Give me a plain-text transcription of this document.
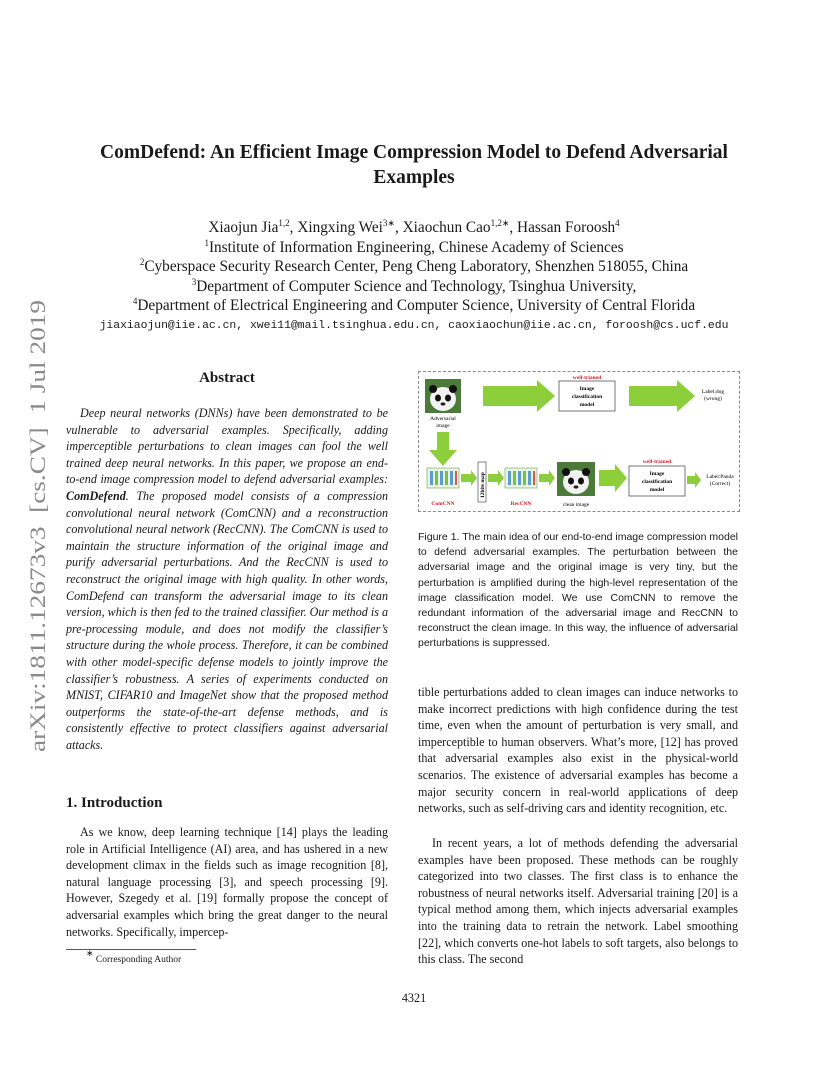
ComDefend: An Efficient Image Compression Model to Defend Adversarial Examples
Xiaojun Jia$^{1,2}$, Xingxing Wei$^{3∗}$, Xiaochun Cao$^{1,2∗}$, Hassan Foroosh$^4$
$^1$Institute of Information Engineering, Chinese Academy of Sciences
$^2$Cyberspace Security Research Center, Peng Cheng Laboratory, Shenzhen 518055, China
$^3$Department of Computer Science and Technology, Tsinghua University,
$^4$Department of Electrical Engineering and Computer Science, University of Central Florida
jiaxiaojun@iie.ac.cn, xwei11@mail.tsinghua.edu.cn, caoxiaochun@iie.ac.cn, foroosh@cs.ucf.edu
arXiv:1811.12673v3  [cs.CV]  1 Jul 2019
Abstract
Deep neural networks (DNNs) have been demonstrated to be vulnerable to adversarial examples. Specifically, adding imperceptible perturbations to clean images can fool the well trained deep neural networks. In this paper, we propose an end-to-end image compression model to defend adversarial examples: ComDefend. The proposed model consists of a compression convolutional neural network (ComCNN) and a reconstruction convolutional neural network (RecCNN). The ComCNN is used to maintain the structure information of the original image and purify adversarial perturbations. And the RecCNN is used to reconstruct the original image with high quality. In other words, ComDefend can transform the adversarial image to its clean version, which is then fed to the trained classifier. Our method is a pre-processing module, and does not modify the classifier’s structure during the whole process. Therefore, it can be combined with other model-specific defense models to jointly improve the classifier’s robustness. A series of experiments conducted on MNIST, CIFAR10 and ImageNet show that the proposed method outperforms the state-of-the-art defense methods, and is consistently effective to protect classifiers against adversarial attacks.
1. Introduction
As we know, deep learning technique [14] plays the leading role in Artificial Intelligence (AI) area, and has ushered in a new development climax in the fields such as image recognition [8], natural language processing [3], and speech processing [9]. However, Szegedy et al. [19] formally propose the concept of adversarial examples which bring the great danger to the neural networks. Specifically, impercep-
∗ Corresponding Author
Adversarial
image
well-trianed
Image
classification
model
Label:dog
(wrong)
ComCNN
12bits map
RecCNN	clean image
well-trianed
Image
classification
model
Label:Panda
(Correct)
Figure 1. The main idea of our end-to-end image compression model to defend adversarial examples. The perturbation between the adversarial image and the original image is very tiny, but the perturbation is amplified during the high-level representation of the image classification model. We use ComCNN to remove the redundant information of the adversarial image and RecCNN to reconstruct the clean image. In this way, the influence of adversarial perturbations is suppressed.
tible perturbations added to clean images can induce networks to make incorrect predictions with high confidence during the test time, even when the amount of perturbation is very small, and imperceptible to human observers. What’s more, [12] has proved that adversarial examples also exist in the physical-world scenarios. The existence of adversarial examples has become a major security concern in real-world applications of deep networks, such as self-driving cars and identity recognition, etc.
In recent years, a lot of methods defending the adversarial examples have been proposed. These methods can be roughly categorized into two classes. The first class is to enhance the robustness of neural networks itself. Adversarial training [20] is a typical method among them, which injects adversarial examples into the training data to retrain the network. Label smoothing [22], which converts one-hot labels to soft targets, also belongs to this class. The second
4321
